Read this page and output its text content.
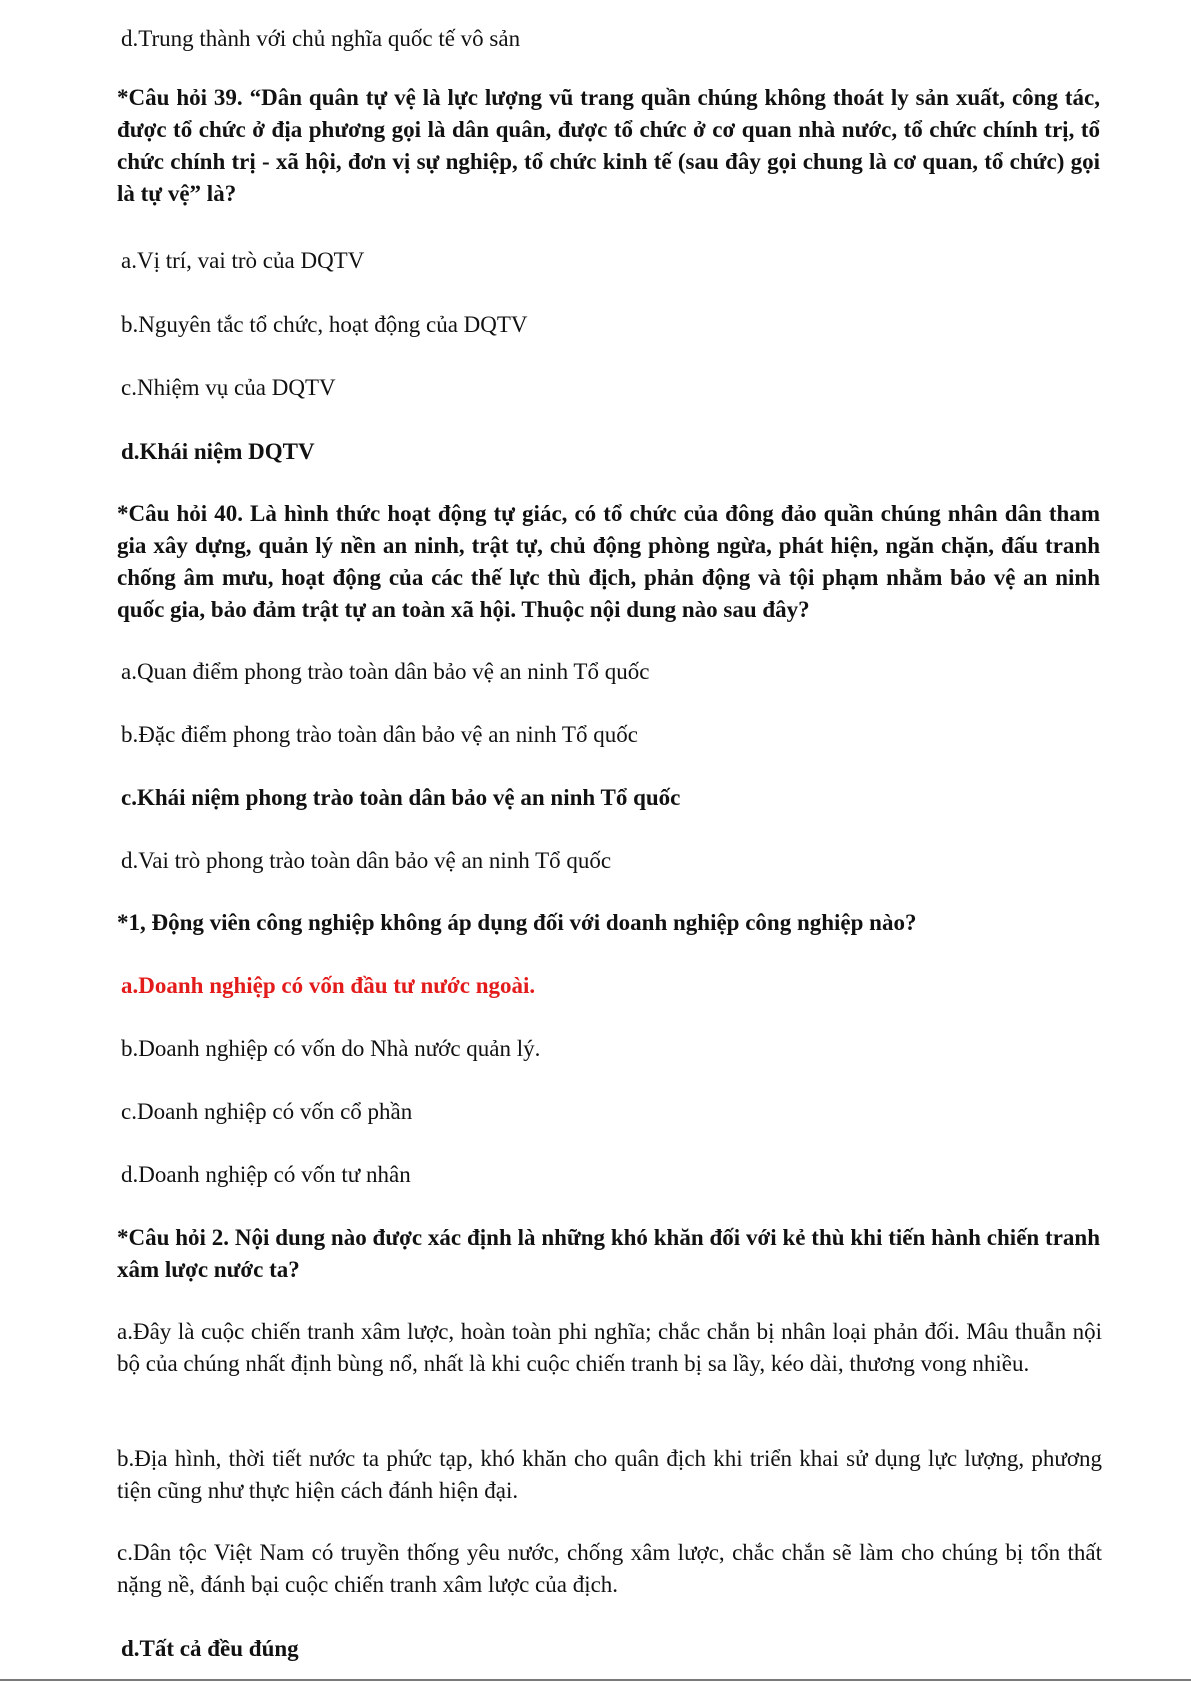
d.Trung thành với chủ nghĩa quốc tế vô sản
*Câu hỏi 39. “Dân quân tự vệ là lực lượng vũ trang quần chúng không thoát ly sản xuất, công tác, được tổ chức ở địa phương gọi là dân quân, được tổ chức ở cơ quan nhà nước, tổ chức chính trị, tổ chức chính trị - xã hội, đơn vị sự nghiệp, tổ chức kinh tế (sau đây gọi chung là cơ quan, tổ chức) gọi là tự vệ” là?
a.Vị trí, vai trò của DQTV
b.Nguyên tắc tổ chức, hoạt động của DQTV
c.Nhiệm vụ của DQTV
d.Khái niệm DQTV
*Câu hỏi 40. Là hình thức hoạt động tự giác, có tổ chức của đông đảo quần chúng nhân dân tham gia xây dựng, quản lý nền an ninh, trật tự, chủ động phòng ngừa, phát hiện, ngăn chặn, đấu tranh chống âm mưu, hoạt động của các thế lực thù địch, phản động và tội phạm nhằm bảo vệ an ninh quốc gia, bảo đảm trật tự an toàn xã hội. Thuộc nội dung nào sau đây?
a.Quan điểm phong trào toàn dân bảo vệ an ninh Tổ quốc
b.Đặc điểm phong trào toàn dân bảo vệ an ninh Tổ quốc
c.Khái niệm phong trào toàn dân bảo vệ an ninh Tổ quốc
d.Vai trò phong trào toàn dân bảo vệ an ninh Tổ quốc
*1, Động viên công nghiệp không áp dụng đối với doanh nghiệp công nghiệp nào?
a.Doanh nghiệp có vốn đầu tư nước ngoài.
b.Doanh nghiệp có vốn do Nhà nước quản lý.
c.Doanh nghiệp có vốn cổ phần
d.Doanh nghiệp có vốn tư nhân
*Câu hỏi 2. Nội dung nào được xác định là những khó khăn đối với kẻ thù khi tiến hành chiến tranh xâm lược nước ta?
a.Đây là cuộc chiến tranh xâm lược, hoàn toàn phi nghĩa; chắc chắn bị nhân loại phản đối. Mâu thuẫn nội bộ của chúng nhất định bùng nổ, nhất là khi cuộc chiến tranh bị sa lầy, kéo dài, thương vong nhiều.
b.Địa hình, thời tiết nước ta phức tạp, khó khăn cho quân địch khi triển khai sử dụng lực lượng, phương tiện cũng như thực hiện cách đánh hiện đại.
c.Dân tộc Việt Nam có truyền thống yêu nước, chống xâm lược, chắc chắn sẽ làm cho chúng bị tổn thất nặng nề, đánh bại cuộc chiến tranh xâm lược của địch.
d.Tất cả đều đúng
